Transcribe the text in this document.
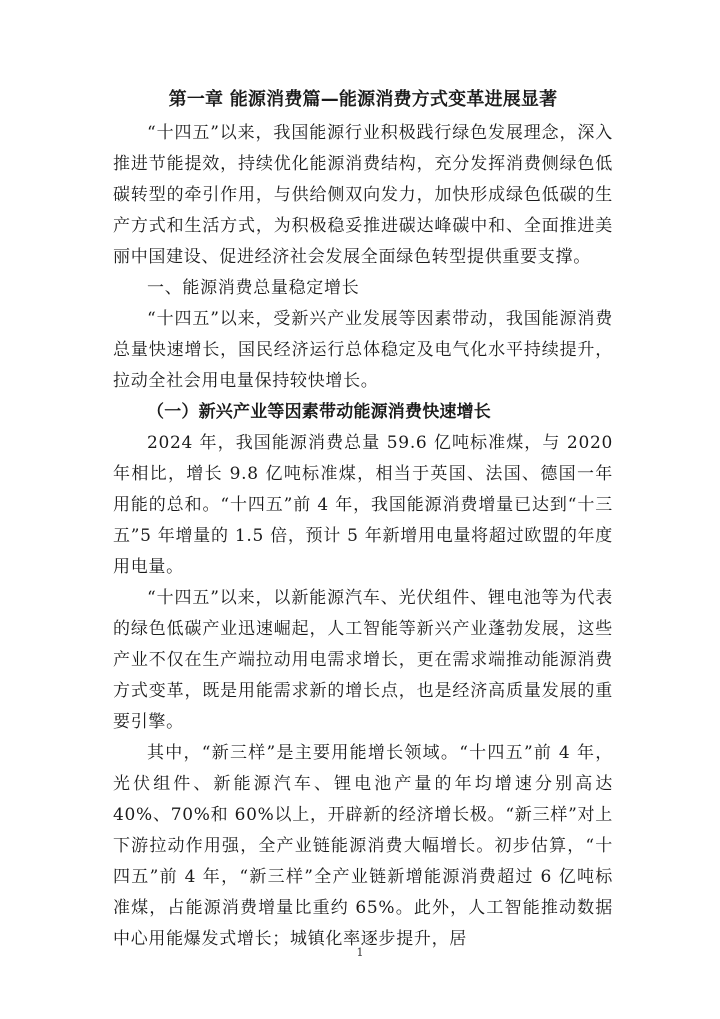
第一章 能源消费篇—能源消费方式变革进展显著

“十四五”以来，我国能源行业积极践行绿色发展理念，深入推进节能提效，持续优化能源消费结构，充分发挥消费侧绿色低碳转型的牵引作用，与供给侧双向发力，加快形成绿色低碳的生产方式和生活方式，为积极稳妥推进碳达峰碳中和、全面推进美丽中国建设、促进经济社会发展全面绿色转型提供重要支撑。

一、能源消费总量稳定增长

“十四五”以来，受新兴产业发展等因素带动，我国能源消费总量快速增长，国民经济运行总体稳定及电气化水平持续提升，拉动全社会用电量保持较快增长。

（一）新兴产业等因素带动能源消费快速增长

2024 年，我国能源消费总量 59.6 亿吨标准煤，与 2020 年相比，增长 9.8 亿吨标准煤，相当于英国、法国、德国一年用能的总和。“十四五”前 4 年，我国能源消费增量已达到“十三五”5 年增量的 1.5 倍，预计 5 年新增用电量将超过欧盟的年度用电量。

“十四五”以来，以新能源汽车、光伏组件、锂电池等为代表的绿色低碳产业迅速崛起，人工智能等新兴产业蓬勃发展，这些产业不仅在生产端拉动用电需求增长，更在需求端推动能源消费方式变革，既是用能需求新的增长点，也是经济高质量发展的重要引擎。

其中，“新三样”是主要用能增长领域。“十四五”前 4 年，光伏组件、新能源汽车、锂电池产量的年均增速分别高达 40%、70%和 60%以上，开辟新的经济增长极。“新三样”对上下游拉动作用强，全产业链能源消费大幅增长。初步估算，“十四五”前 4 年，“新三样”全产业链新增能源消费超过 6 亿吨标准煤，占能源消费增量比重约 65%。此外，人工智能推动数据中心用能爆发式增长；城镇化率逐步提升，居

1
